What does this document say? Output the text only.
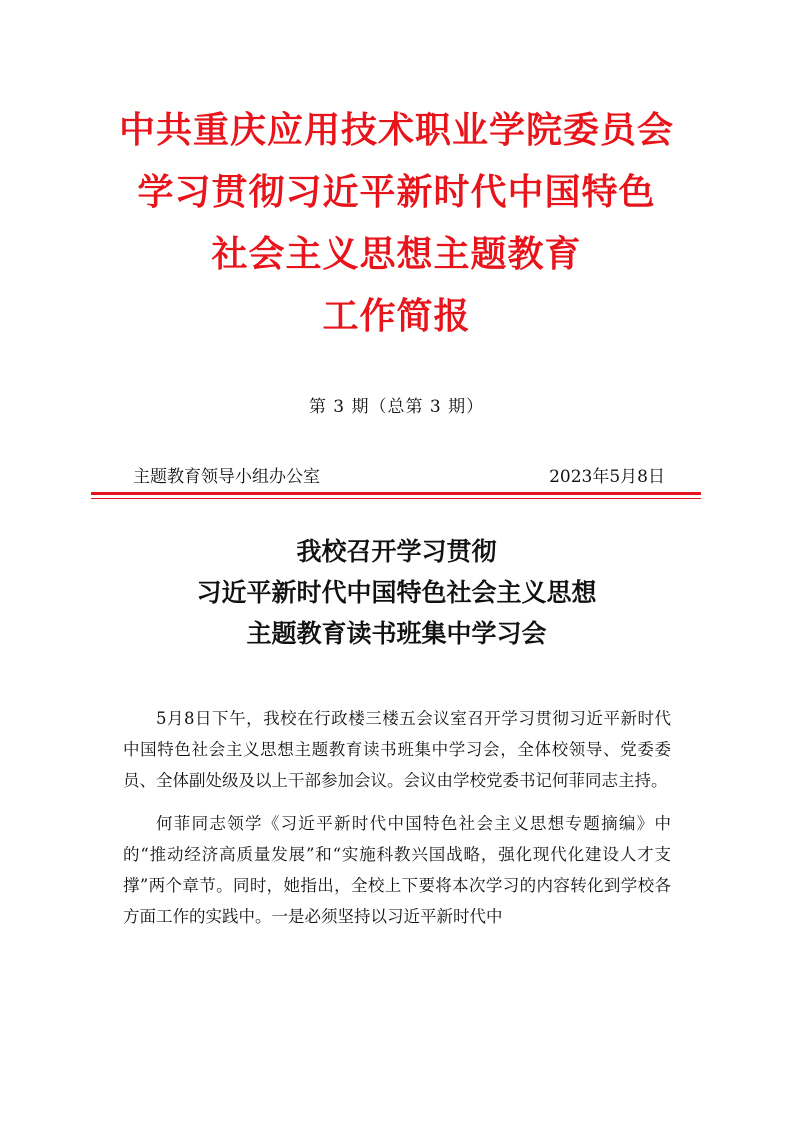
中共重庆应用技术职业学院委员会
学习贯彻习近平新时代中国特色
社会主义思想主题教育
工作简报
第 3 期（总第 3 期）
主题教育领导小组办公室	2023年5月8日
我校召开学习贯彻
习近平新时代中国特色社会主义思想
主题教育读书班集中学习会

5月8日下午，我校在行政楼三楼五会议室召开学习贯彻习近平新时代中国特色社会主义思想主题教育读书班集中学习会，全体校领导、党委委员、全体副处级及以上干部参加会议。会议由学校党委书记何菲同志主持。

何菲同志领学《习近平新时代中国特色社会主义思想专题摘编》中的“推动经济高质量发展”和“实施科教兴国战略，强化现代化建设人才支撑”两个章节。同时，她指出，全校上下要将本次学习的内容转化到学校各方面工作的实践中。一是必须坚持以习近平新时代中
